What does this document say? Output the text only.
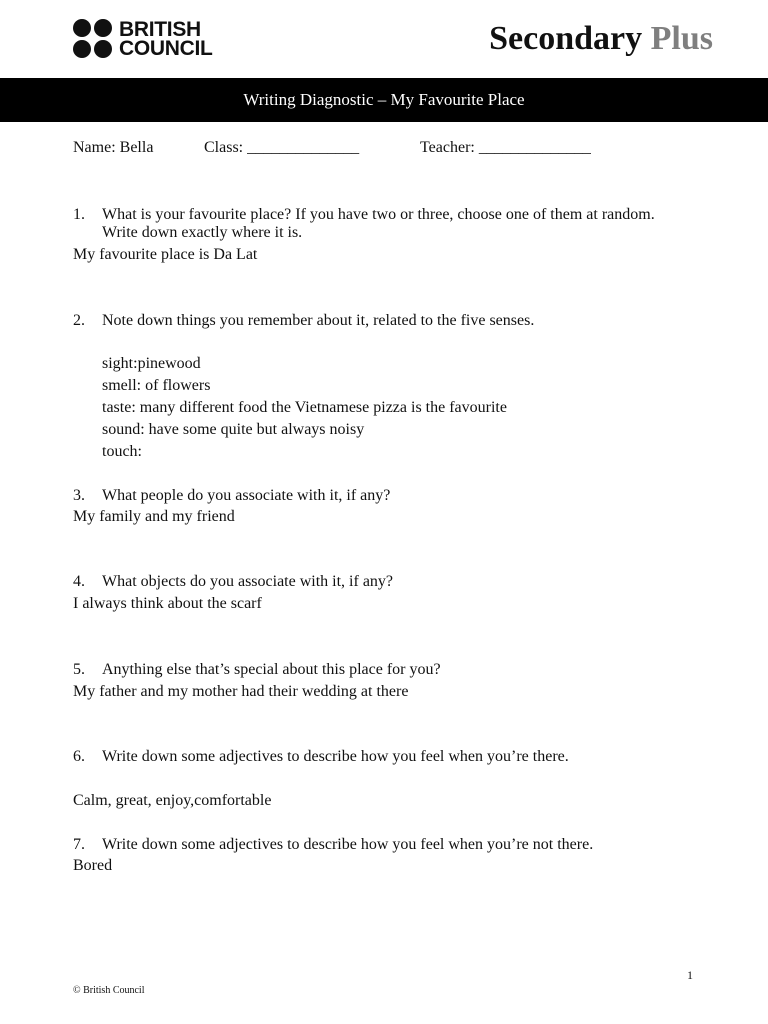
BRITISH
COUNCIL	Secondary Plus
Writing Diagnostic – My Favourite Place
Name: Bella	Class: ______________	Teacher: ______________
1. What is your favourite place? If you have two or three, choose one of them at random.
Write down exactly where it is.
My favourite place is Da Lat
2. Note down things you remember about it, related to the five senses.
sight:pinewood
smell: of flowers
taste: many different food the Vietnamese pizza is the favourite
sound: have some quite but always noisy
touch:
3. What people do you associate with it, if any?
My family and my friend
4. What objects do you associate with it, if any?
I always think about the scarf
5. Anything else that’s special about this place for you?
My father and my mother had their wedding at there
6. Write down some adjectives to describe how you feel when you’re there.
Calm, great, enjoy,comfortable
7. Write down some adjectives to describe how you feel when you’re not there.
Bored
1
© British Council
